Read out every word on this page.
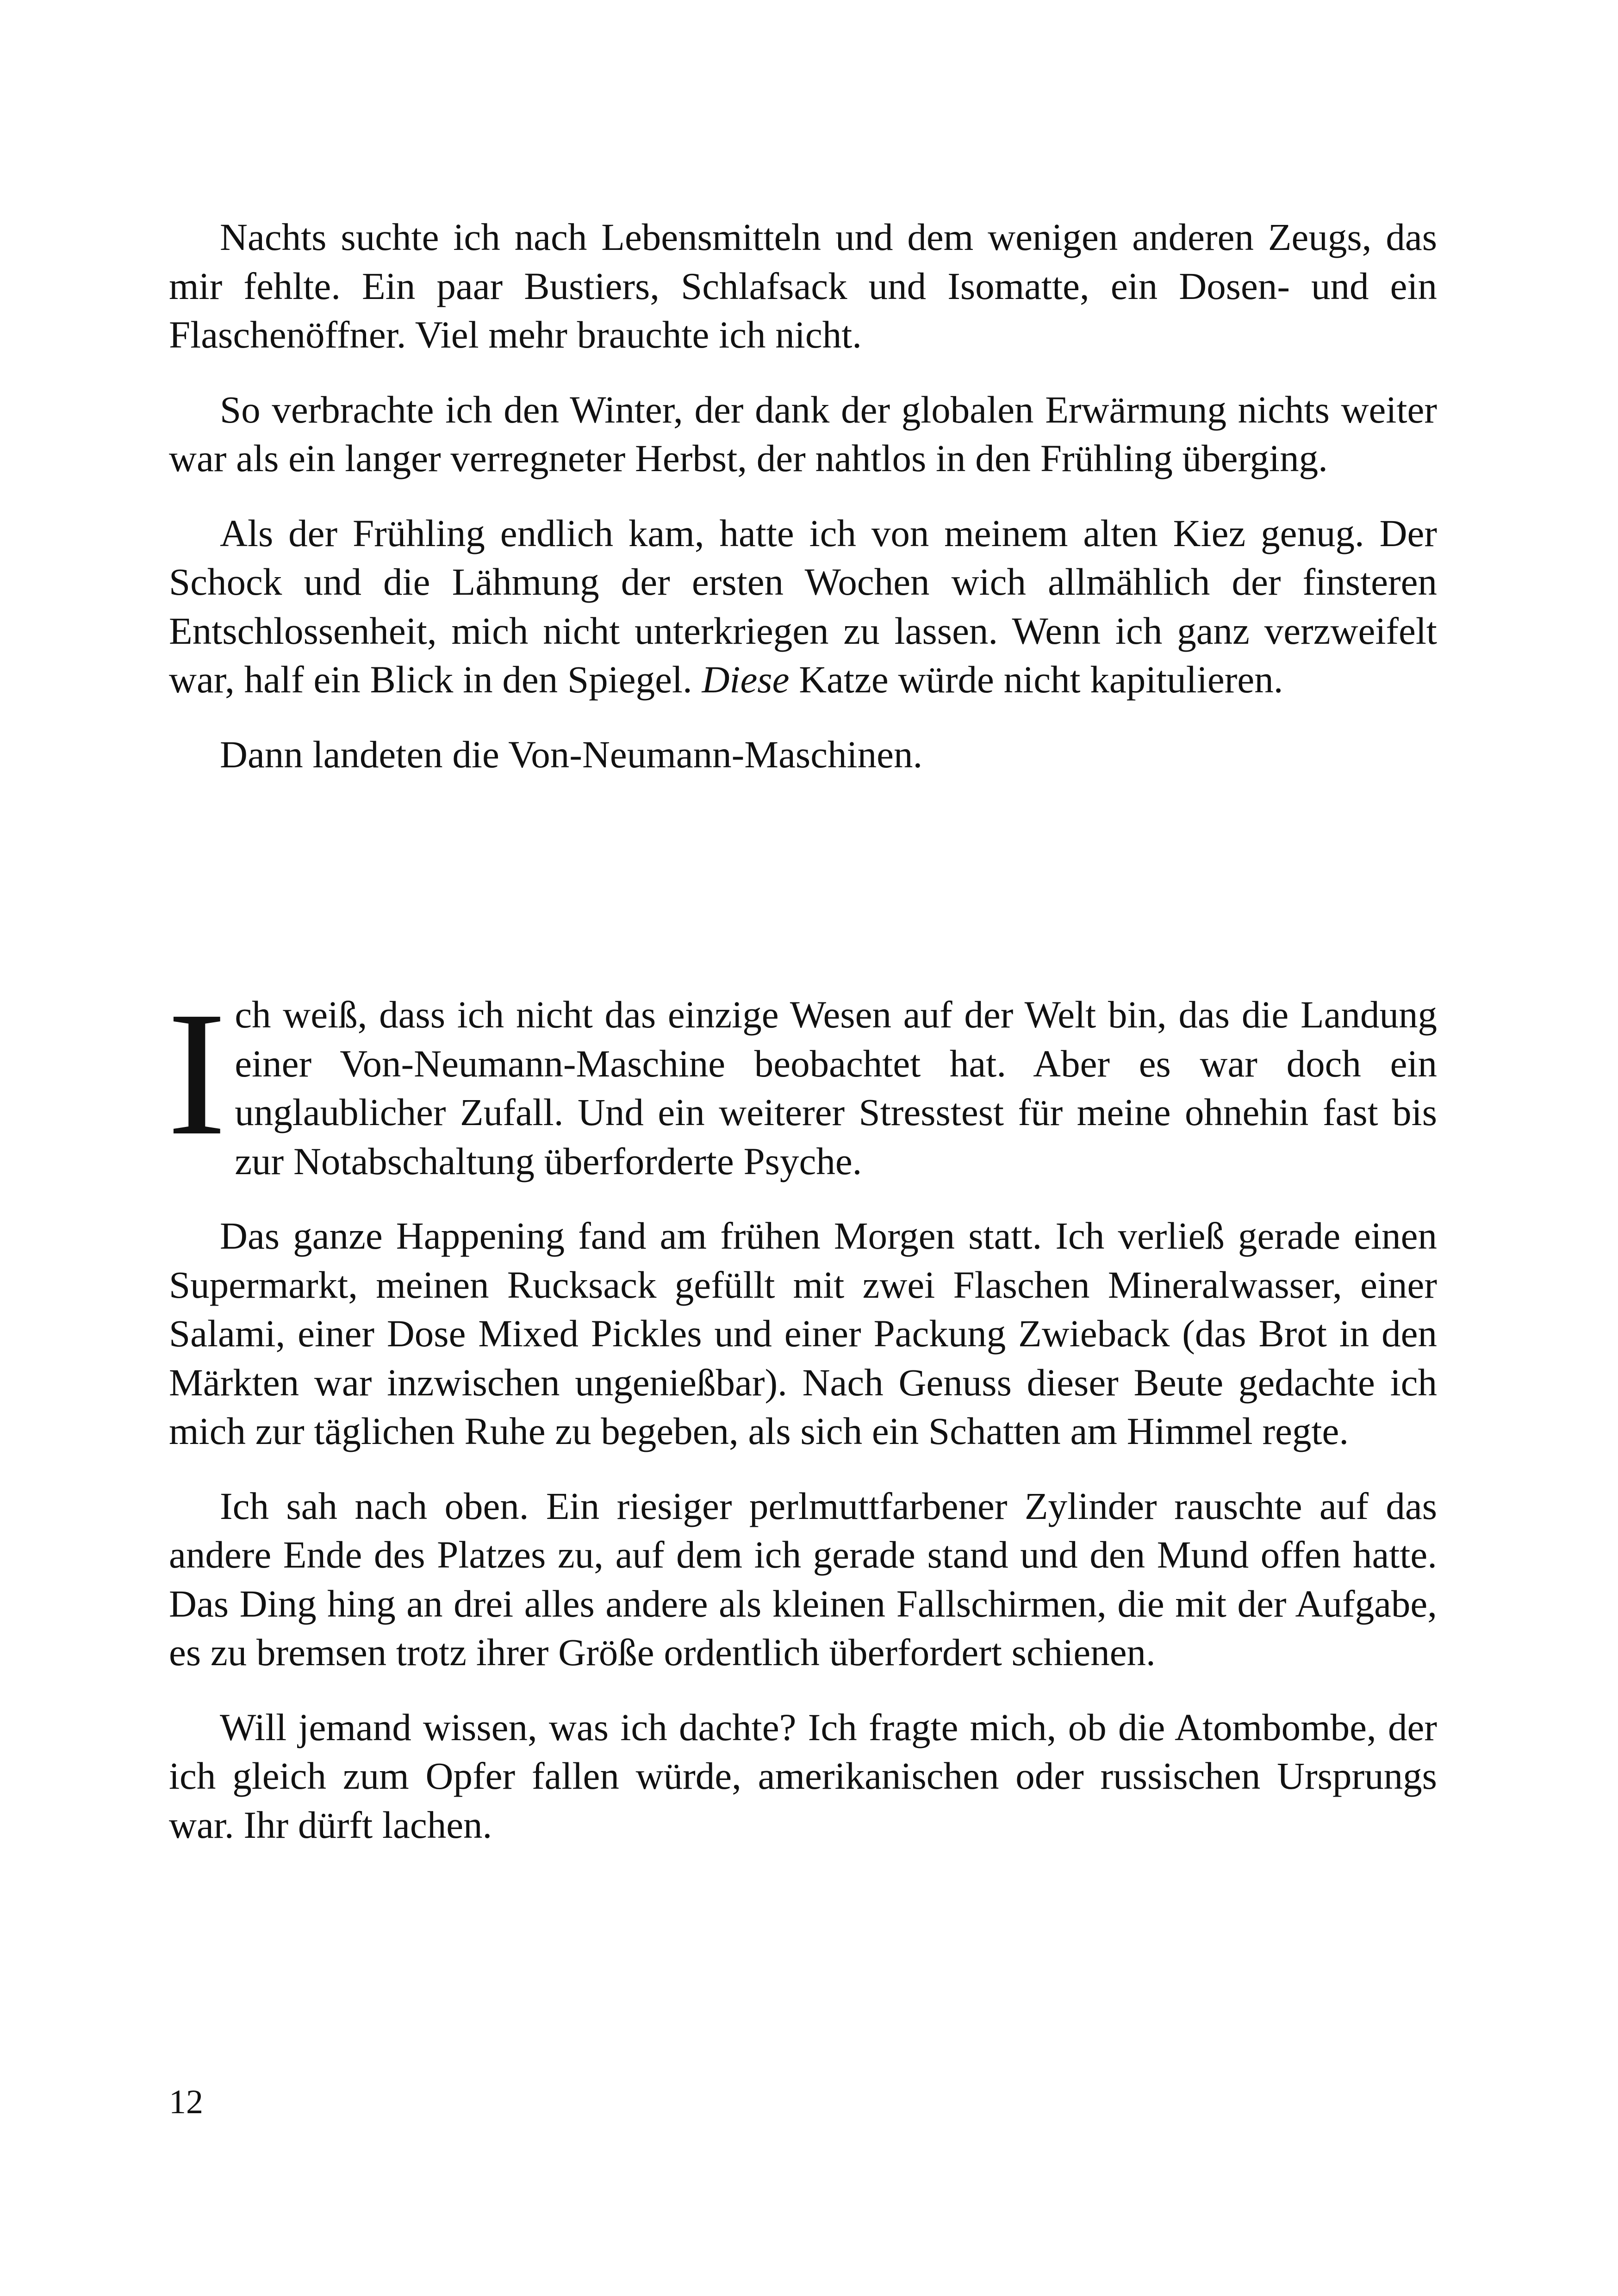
Nachts suchte ich nach Lebensmitteln und dem wenigen anderen Zeugs, das mir fehlte. Ein paar Bustiers, Schlafsack und Isomatte, ein Dosen- und ein Flaschenöffner. Viel mehr brauchte ich nicht.

So verbrachte ich den Winter, der dank der globalen Erwärmung nichts weiter war als ein langer verregneter Herbst, der nahtlos in den Frühling überging.

Als der Frühling endlich kam, hatte ich von meinem alten Kiez genug. Der Schock und die Lähmung der ersten Wochen wich allmählich der finsteren Entschlossenheit, mich nicht unterkriegen zu lassen. Wenn ich ganz verzweifelt war, half ein Blick in den Spiegel. Diese Katze würde nicht kapitulieren.

Dann landeten die Von-Neumann-Maschinen.

Ich weiß, dass ich nicht das einzige Wesen auf der Welt bin, das die Landung einer Von-Neumann-Maschine beobachtet hat. Aber es war doch ein unglaublicher Zufall. Und ein weiterer Stresstest für meine ohnehin fast bis zur Notabschaltung überforderte Psyche.

Das ganze Happening fand am frühen Morgen statt. Ich verließ gerade einen Supermarkt, meinen Rucksack gefüllt mit zwei Flaschen Mineralwasser, einer Salami, einer Dose Mixed Pickles und einer Packung Zwieback (das Brot in den Märkten war inzwischen ungenießbar). Nach Genuss dieser Beute gedachte ich mich zur täglichen Ruhe zu begeben, als sich ein Schatten am Himmel regte.

Ich sah nach oben. Ein riesiger perlmuttfarbener Zylinder rauschte auf das andere Ende des Platzes zu, auf dem ich gerade stand und den Mund offen hatte. Das Ding hing an drei alles andere als kleinen Fallschirmen, die mit der Aufgabe, es zu bremsen trotz ihrer Größe ordentlich überfordert schienen.

Will jemand wissen, was ich dachte? Ich fragte mich, ob die Atombombe, der ich gleich zum Opfer fallen würde, amerikanischen oder russischen Ursprungs war. Ihr dürft lachen.

12
